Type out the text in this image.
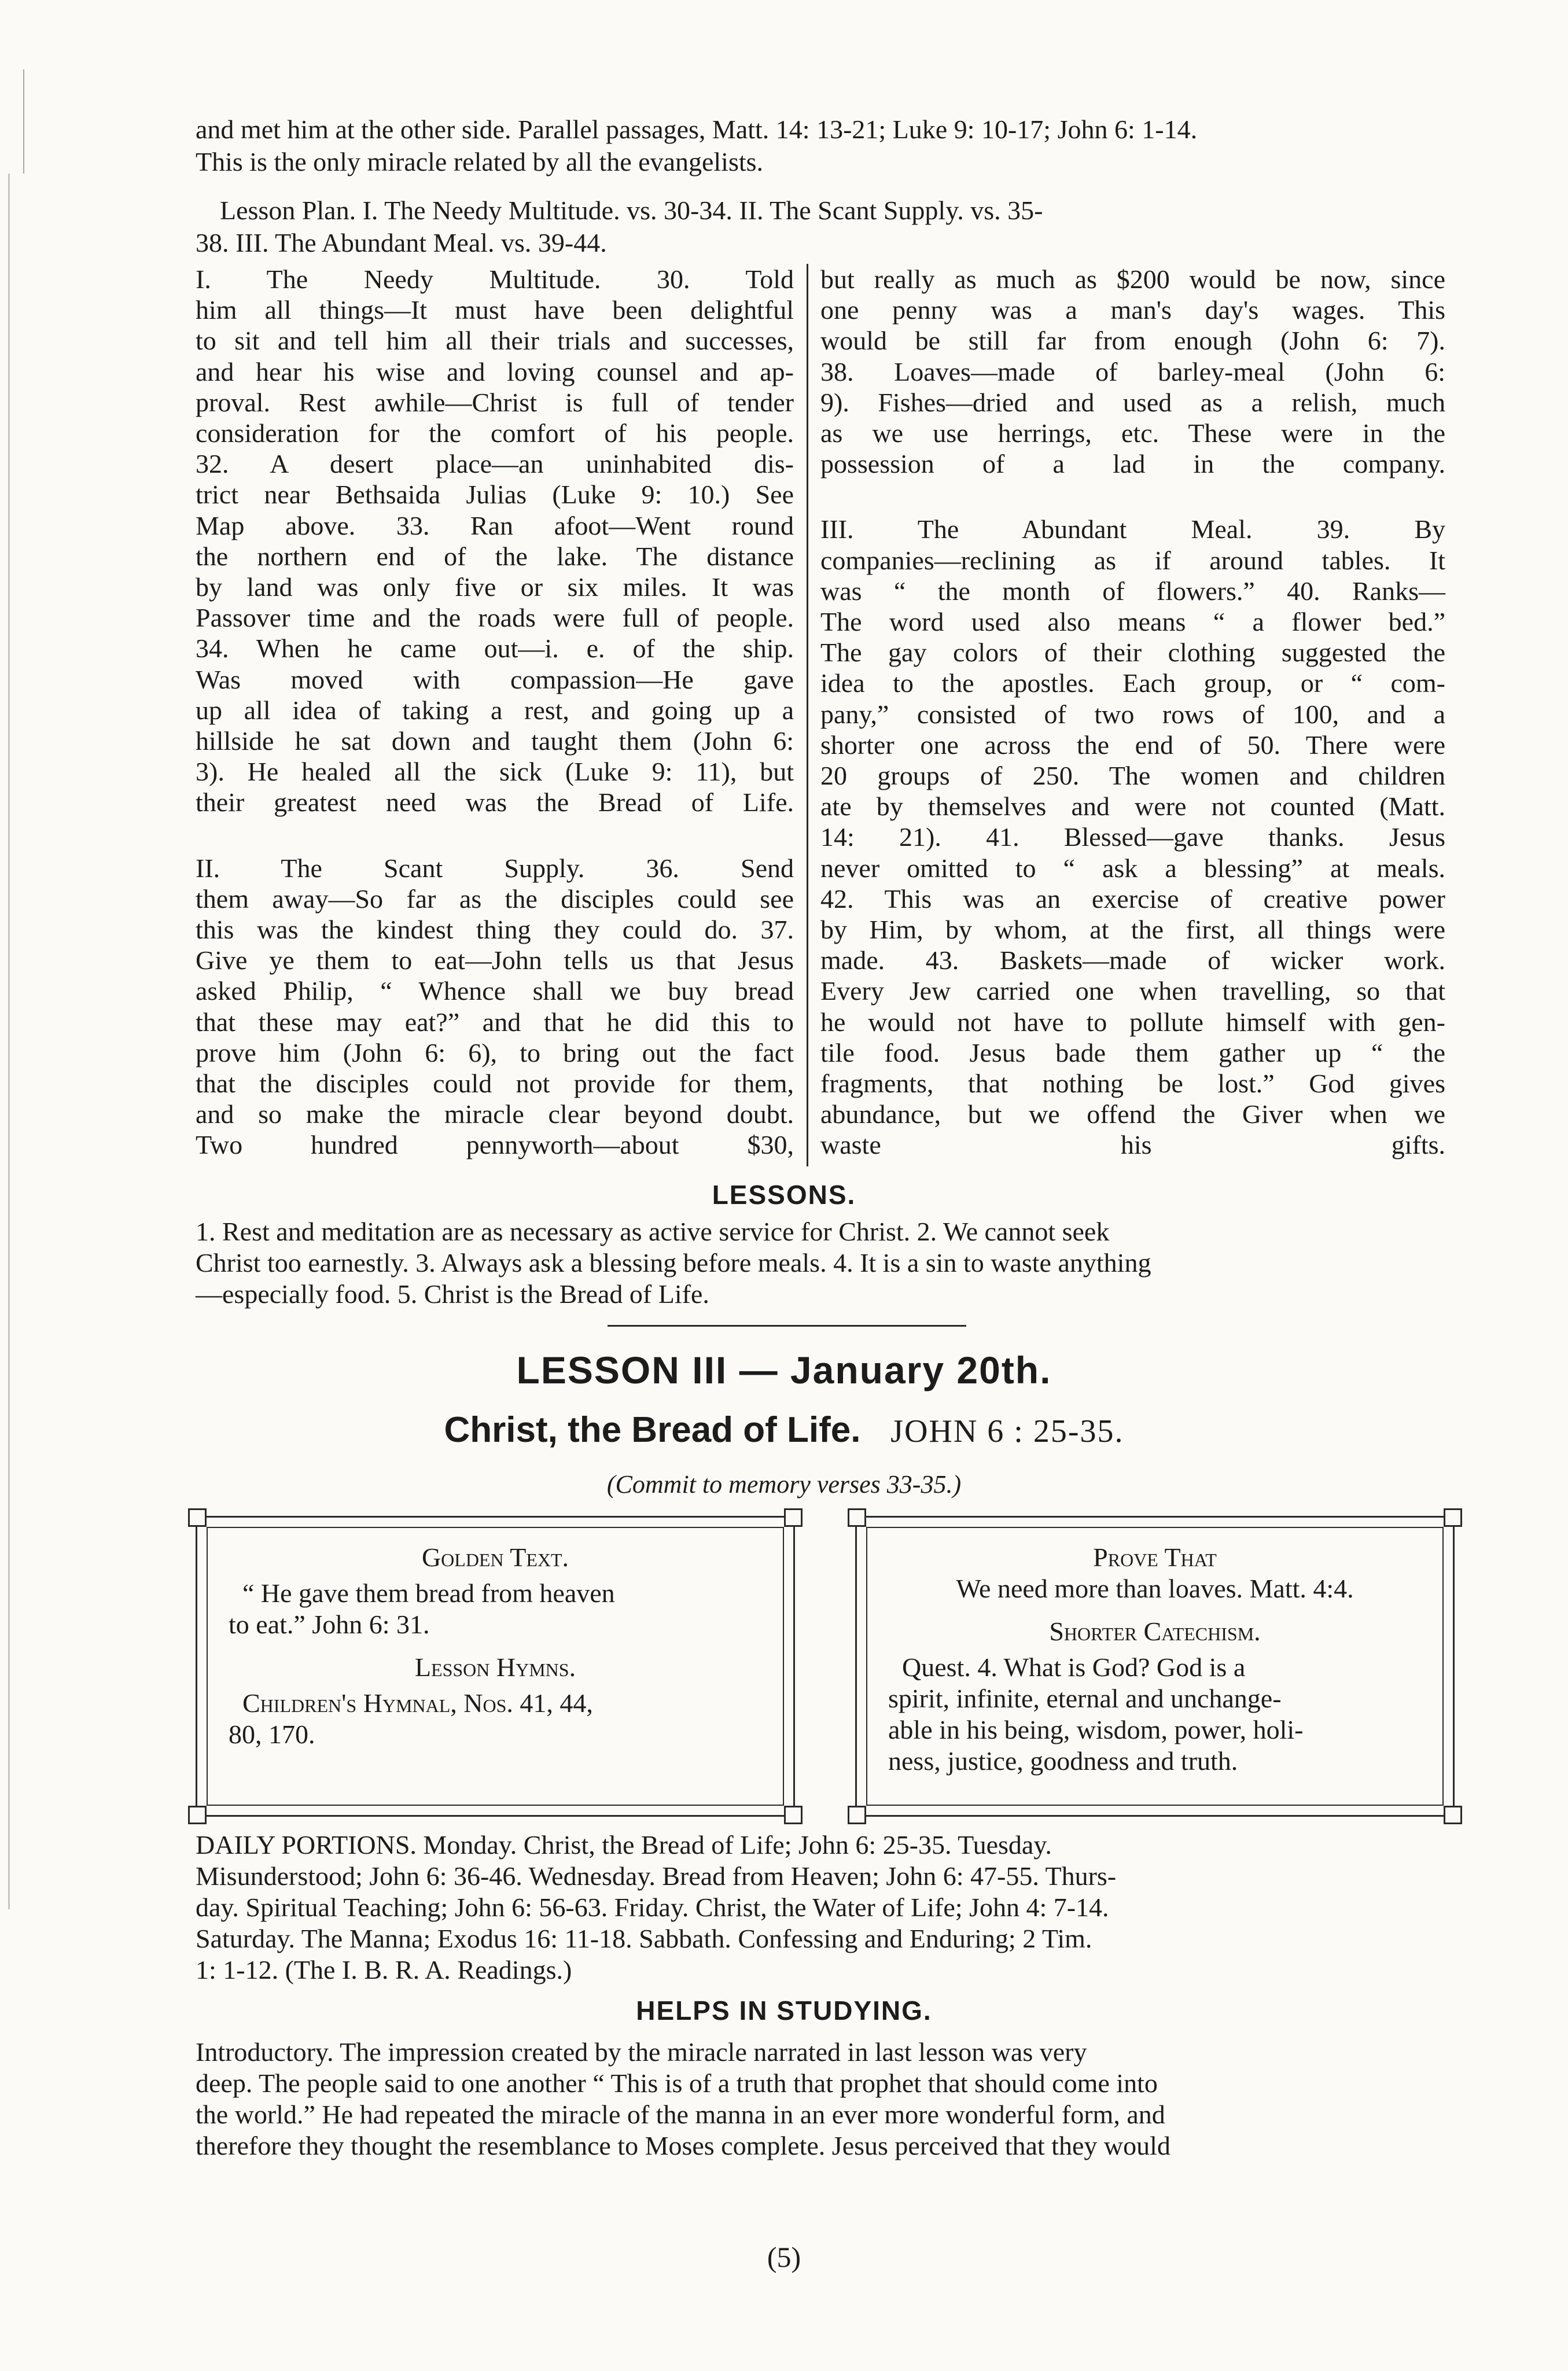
and met him at the other side. Parallel passages, Matt. 14: 13-21; Luke 9: 10-17; John 6: 1-14.
This is the only miracle related by all the evangelists.
Lesson Plan. I. The Needy Multitude. vs. 30-34. II. The Scant Supply. vs. 35-
38. III. The Abundant Meal. vs. 39-44.
I. The Needy Multitude. 30. Told
him all things—It must have been delightful
to sit and tell him all their trials and successes,
and hear his wise and loving counsel and ap-
proval. Rest awhile—Christ is full of tender
consideration for the comfort of his people.
32. A desert place—an uninhabited dis-
trict near Bethsaida Julias (Luke 9: 10.) See
Map above. 33. Ran afoot—Went round
the northern end of the lake. The distance
by land was only five or six miles. It was
Passover time and the roads were full of people.
34. When he came out—i. e. of the ship.
Was moved with compassion—He gave
up all idea of taking a rest, and going up a
hillside he sat down and taught them (John 6:
3). He healed all the sick (Luke 9: 11), but
their greatest need was the Bread of Life.
II. The Scant Supply. 36. Send
them away—So far as the disciples could see
this was the kindest thing they could do. 37.
Give ye them to eat—John tells us that Jesus
asked Philip, “ Whence shall we buy bread
that these may eat?” and that he did this to
prove him (John 6: 6), to bring out the fact
that the disciples could not provide for them,
and so make the miracle clear beyond doubt.
Two hundred pennyworth—about $30,
but really as much as $200 would be now, since
one penny was a man's day's wages. This
would be still far from enough (John 6: 7).
38. Loaves—made of barley-meal (John 6:
9). Fishes—dried and used as a relish, much
as we use herrings, etc. These were in the
possession of a lad in the company.
III. The Abundant Meal. 39. By
companies—reclining as if around tables. It
was “ the month of flowers.” 40. Ranks—
The word used also means “ a flower bed.”
The gay colors of their clothing suggested the
idea to the apostles. Each group, or “ com-
pany,” consisted of two rows of 100, and a
shorter one across the end of 50. There were
20 groups of 250. The women and children
ate by themselves and were not counted (Matt.
14: 21). 41. Blessed—gave thanks. Jesus
never omitted to “ ask a blessing” at meals.
42. This was an exercise of creative power
by Him, by whom, at the first, all things were
made. 43. Baskets—made of wicker work.
Every Jew carried one when travelling, so that
he would not have to pollute himself with gen-
tile food. Jesus bade them gather up “ the
fragments, that nothing be lost.” God gives
abundance, but we offend the Giver when we
waste his gifts.
LESSONS.
1. Rest and meditation are as necessary as active service for Christ. 2. We cannot seek
Christ too earnestly. 3. Always ask a blessing before meals. 4. It is a sin to waste anything
—especially food. 5. Christ is the Bread of Life.
LESSON III — January 20th.
Christ, the Bread of Life. JOHN 6 : 25-35.
(Commit to memory verses 33-35.)

Golden Text.

“ He gave them bread from heaven

to eat.” John 6: 31.

Lesson Hymns.

Children's Hymnal, Nos. 41, 44,

80, 170.

Prove That

We need more than loaves. Matt. 4:4.

Shorter Catechism.

Quest. 4. What is God? God is a

spirit, infinite, eternal and unchange-

able in his being, wisdom, power, holi-

ness, justice, goodness and truth.

DAILY PORTIONS. Monday. Christ, the Bread of Life; John 6: 25-35. Tuesday.
Misunderstood; John 6: 36-46. Wednesday. Bread from Heaven; John 6: 47-55. Thurs-
day. Spiritual Teaching; John 6: 56-63. Friday. Christ, the Water of Life; John 4: 7-14.
Saturday. The Manna; Exodus 16: 11-18. Sabbath. Confessing and Enduring; 2 Tim.
1: 1-12. (The I. B. R. A. Readings.)
HELPS IN STUDYING.
Introductory. The impression created by the miracle narrated in last lesson was very
deep. The people said to one another “ This is of a truth that prophet that should come into
the world.” He had repeated the miracle of the manna in an ever more wonderful form, and
therefore they thought the resemblance to Moses complete. Jesus perceived that they would
(5)
